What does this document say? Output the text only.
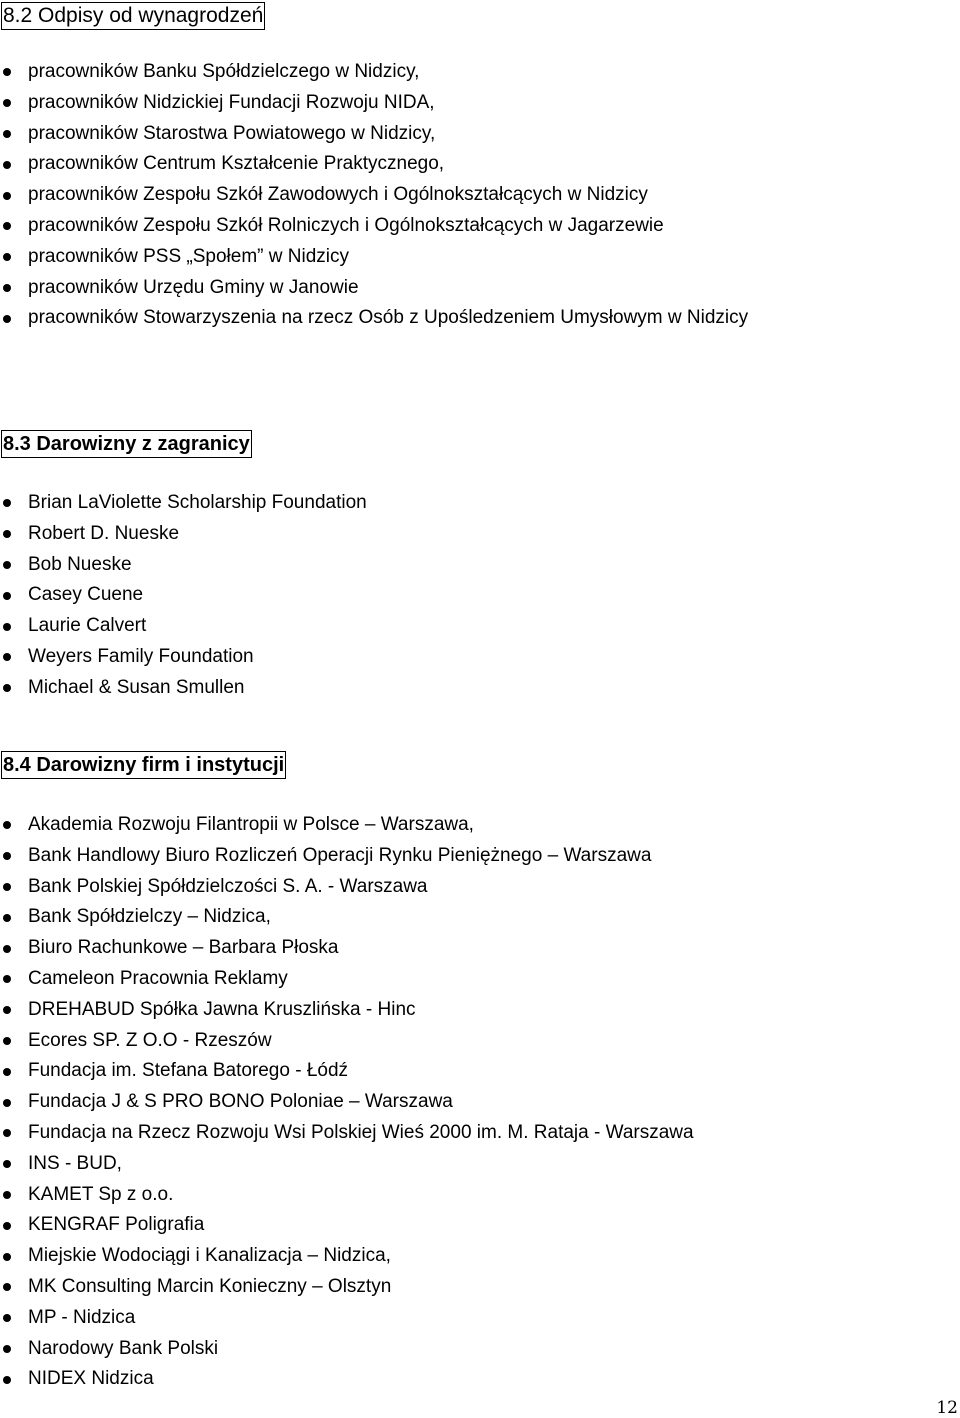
8.2 Odpisy od wynagrodzeń
pracowników Banku Spółdzielczego w Nidzicy,
pracowników Nidzickiej Fundacji Rozwoju NIDA,
pracowników Starostwa Powiatowego w Nidzicy,
pracowników Centrum Kształcenie Praktycznego,
pracowników Zespołu Szkół Zawodowych i Ogólnokształcących w Nidzicy
pracowników Zespołu Szkół Rolniczych i Ogólnokształcących w Jagarzewie
pracowników PSS „Społem” w Nidzicy
pracowników Urzędu Gminy w Janowie
pracowników Stowarzyszenia na rzecz Osób z Upośledzeniem Umysłowym w Nidzicy
8.3 Darowizny z zagranicy
Brian LaViolette Scholarship Foundation
Robert D. Nueske
Bob Nueske
Casey Cuene
Laurie Calvert
Weyers Family Foundation
Michael & Susan Smullen
8.4 Darowizny firm i instytucji
Akademia Rozwoju Filantropii w Polsce – Warszawa,
Bank Handlowy Biuro Rozliczeń Operacji Rynku Pieniężnego – Warszawa
Bank Polskiej Spółdzielczości S. A. - Warszawa
Bank Spółdzielczy – Nidzica,
Biuro Rachunkowe – Barbara Płoska
Cameleon Pracownia Reklamy
DREHABUD Spółka Jawna Kruszlińska - Hinc
Ecores SP. Z O.O - Rzeszów
Fundacja im. Stefana Batorego - Łódź
Fundacja J & S PRO BONO Poloniae – Warszawa
Fundacja na Rzecz Rozwoju Wsi Polskiej Wieś 2000 im. M. Rataja - Warszawa
INS - BUD,
KAMET Sp z o.o.
KENGRAF Poligrafia
Miejskie Wodociągi i Kanalizacja – Nidzica,
MK Consulting Marcin Konieczny – Olsztyn
MP - Nidzica
Narodowy Bank Polski
NIDEX Nidzica
12
